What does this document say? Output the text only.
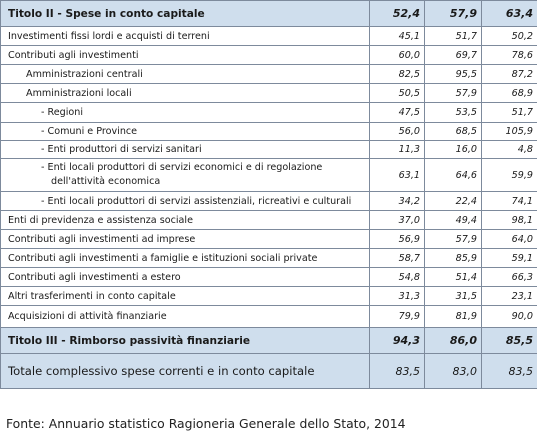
Titolo II - Spese in conto capitale	52,4	57,9	63,4
Investimenti fissi lordi e acquisti di terreni	45,1	51,7	50,2
Contributi agli investimenti	60,0	69,7	78,6
Amministrazioni centrali	82,5	95,5	87,2
Amministrazioni locali	50,5	57,9	68,9
- Regioni	47,5	53,5	51,7
- Comuni e Province	56,0	68,5	105,9
- Enti produttori di servizi sanitari	11,3	16,0	4,8

- Enti locali produttori di servizi economici e di regolazione dell'attività economica	63,1	64,6	59,9
- Enti locali produttori di servizi assistenziali, ricreativi e culturali	34,2	22,4	74,1
Enti di previdenza e assistenza sociale	37,0	49,4	98,1
Contributi agli investimenti ad imprese	56,9	57,9	64,0
Contributi agli investimenti a famiglie e istituzioni sociali private	58,7	85,9	59,1
Contributi agli investimenti a estero	54,8	51,4	66,3
Altri trasferimenti in conto capitale	31,3	31,5	23,1
Acquisizioni di attività finanziarie	79,9	81,9	90,0
Titolo III - Rimborso passività finanziarie	94,3	86,0	85,5
Totale complessivo spese correnti e in conto capitale	83,5	83,0	83,5
Fonte: Annuario statistico Ragioneria Generale dello Stato, 2014
